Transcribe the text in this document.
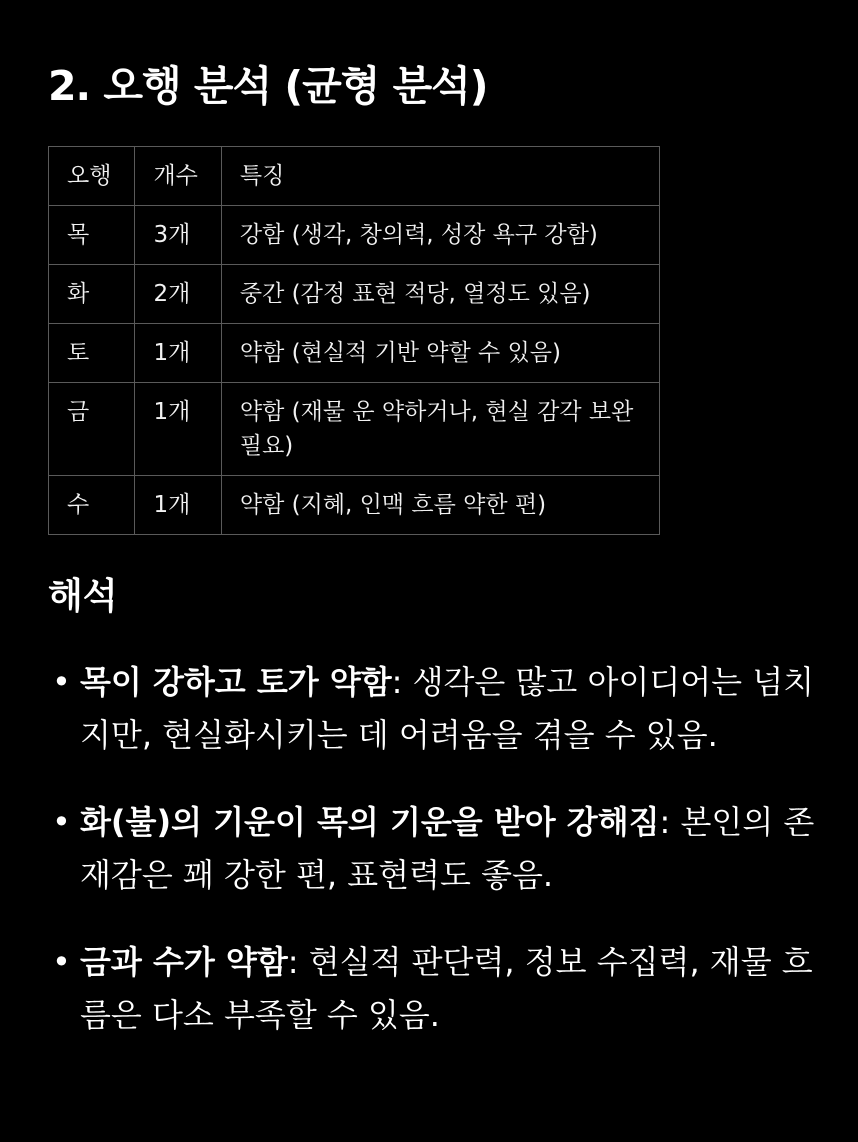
2. 오행 분석 (균형 분석)
오행	개수	특징
목	3개	강함 (생각, 창의력, 성장 욕구 강함)
화	2개	중간 (감정 표현 적당, 열정도 있음)
토	1개	약함 (현실적 기반 약할 수 있음)
금	1개	약함 (재물 운 약하거나, 현실 감각 보완 필요)
수	1개	약함 (지혜, 인맥 흐름 약한 편)
해석
• 목이 강하고 토가 약함: 생각은 많고 아이디어는 넘치지만, 현실화시키는 데 어려움을 겪을 수 있음.
• 화(불)의 기운이 목의 기운을 받아 강해짐: 본인의 존재감은 꽤 강한 편, 표현력도 좋음.
• 금과 수가 약함: 현실적 판단력, 정보 수집력, 재물 흐름은 다소 부족할 수 있음.
